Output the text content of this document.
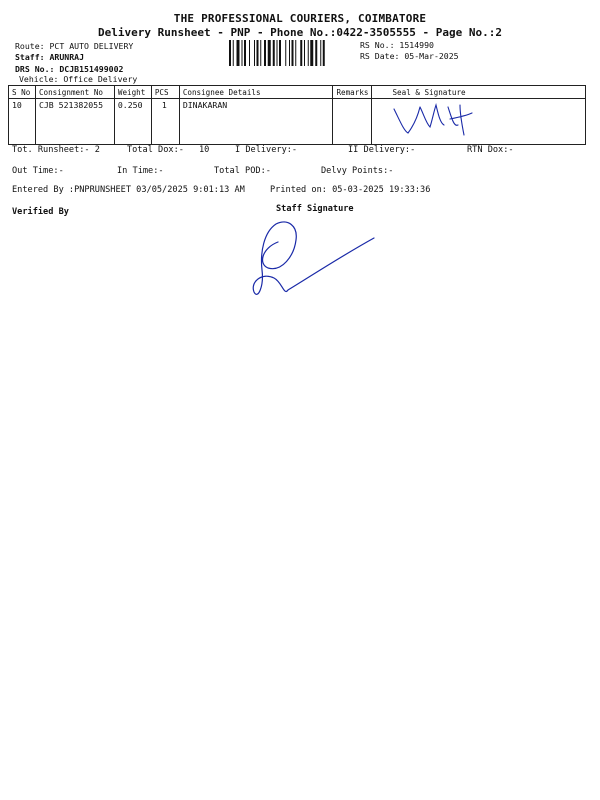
THE PROFESSIONAL COURIERS, COIMBATORE
Delivery Runsheet - PNP - Phone No.:0422-3505555 - Page No.:2
Route: PCT AUTO DELIVERY
Staff: ARUNRAJ
DRS No.: DCJB151499002
Vehicle: Office Delivery
RS No.: 1514990
RS Date: 05-Mar-2025
S No	Consignment No	Weight	PCS	Consignee Details	Remarks	Seal & Signature
10	CJB 521382055	0.250	1	DINAKARAN		
Tot. Runsheet:- 2	Total Dox:- 10	I Delivery:-	II Delivery:-	RTN Dox:-
Out Time:-	In Time:-	Total POD:-	Delvy Points:-
Entered By :PNPRUNSHEET 03/05/2025 9:01:13 AM	Printed on: 05-03-2025 19:33:36
Verified By	Staff Signature
